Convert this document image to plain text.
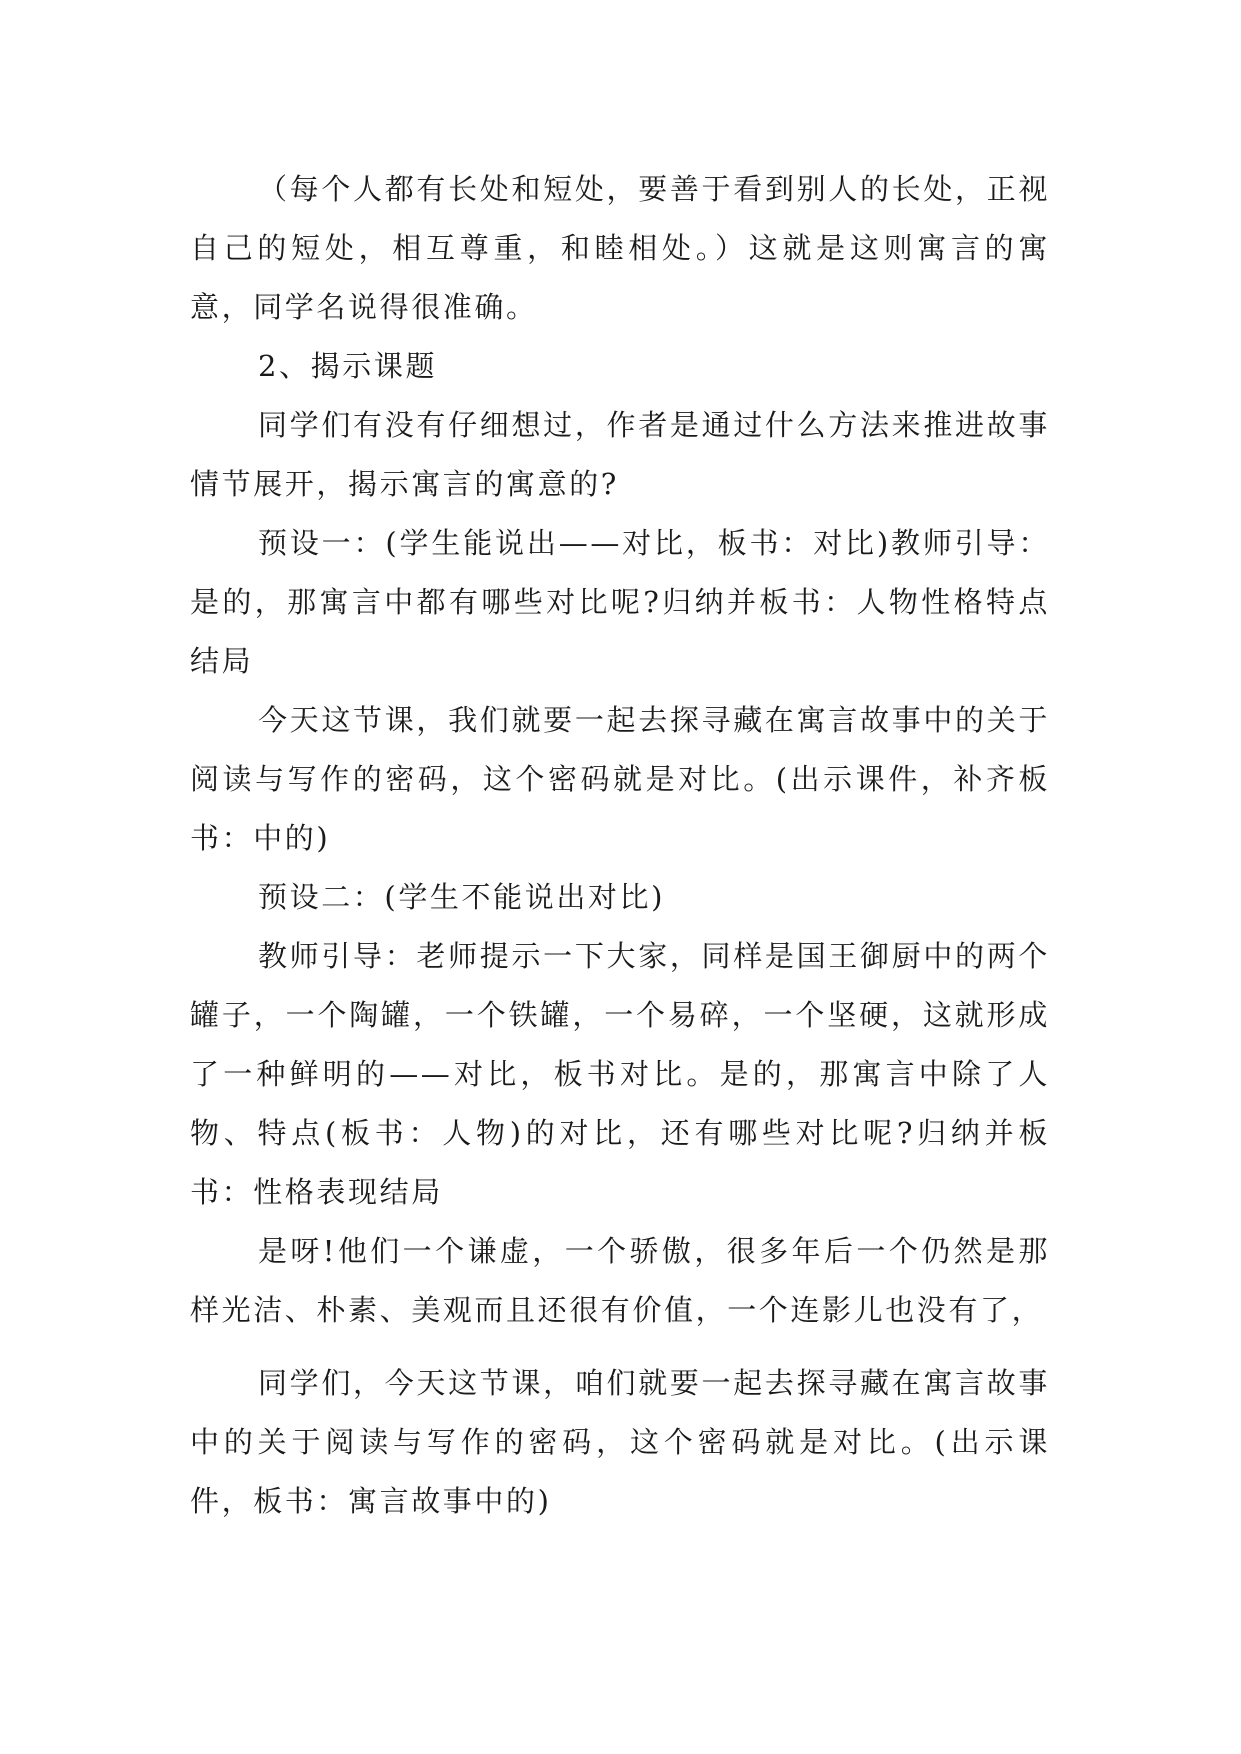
（每个人都有长处和短处，要善于看到别人的长处，正视自己的短处，相互尊重，和睦相处。）这就是这则寓言的寓意，同学名说得很准确。

2、揭示课题

同学们有没有仔细想过，作者是通过什么方法来推进故事情节展开，揭示寓言的寓意的?

预设一：(学生能说出——对比，板书：对比)教师引导：是的，那寓言中都有哪些对比呢?归纳并板书：人物性格特点结局

今天这节课，我们就要一起去探寻藏在寓言故事中的关于阅读与写作的密码，这个密码就是对比。(出示课件，补齐板书：中的)

预设二：(学生不能说出对比)

教师引导：老师提示一下大家，同样是国王御厨中的两个罐子，一个陶罐，一个铁罐，一个易碎，一个坚硬，这就形成了一种鲜明的——对比，板书对比。是的，那寓言中除了人物、特点(板书：人物)的对比，还有哪些对比呢?归纳并板书：性格表现结局

是呀!他们一个谦虚，一个骄傲，很多年后一个仍然是那样光洁、朴素、美观而且还很有价值，一个连影儿也没有了，

同学们，今天这节课，咱们就要一起去探寻藏在寓言故事中的关于阅读与写作的密码，这个密码就是对比。(出示课件，板书：寓言故事中的)
